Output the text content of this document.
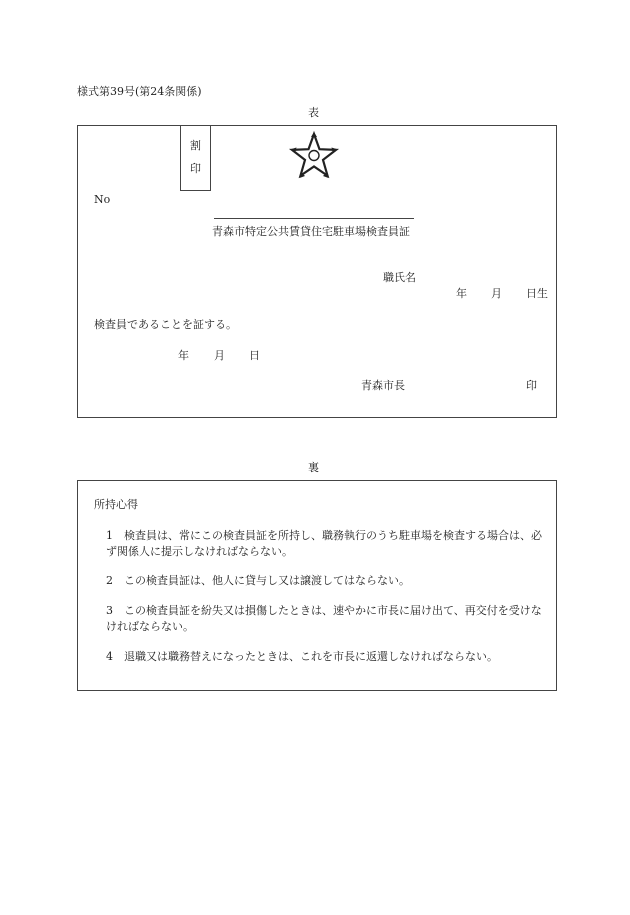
様式第39号(第24条関係)
表
割
印
No
青森市特定公共賃貸住宅駐車場検査員証
職氏名
年 月 日生
検査員であることを証する。
年 月 日
青森市長	印
裏
所持心得
1 検査員は、常にこの検査員証を所持し、職務執行のうち駐車場を検査する場合は、必ず関係人に提示しなければならない。
2 この検査員証は、他人に貸与し又は譲渡してはならない。
3 この検査員証を紛失又は損傷したときは、速やかに市長に届け出て、再交付を受けなければならない。
4 退職又は職務替えになったときは、これを市長に返還しなければならない。
